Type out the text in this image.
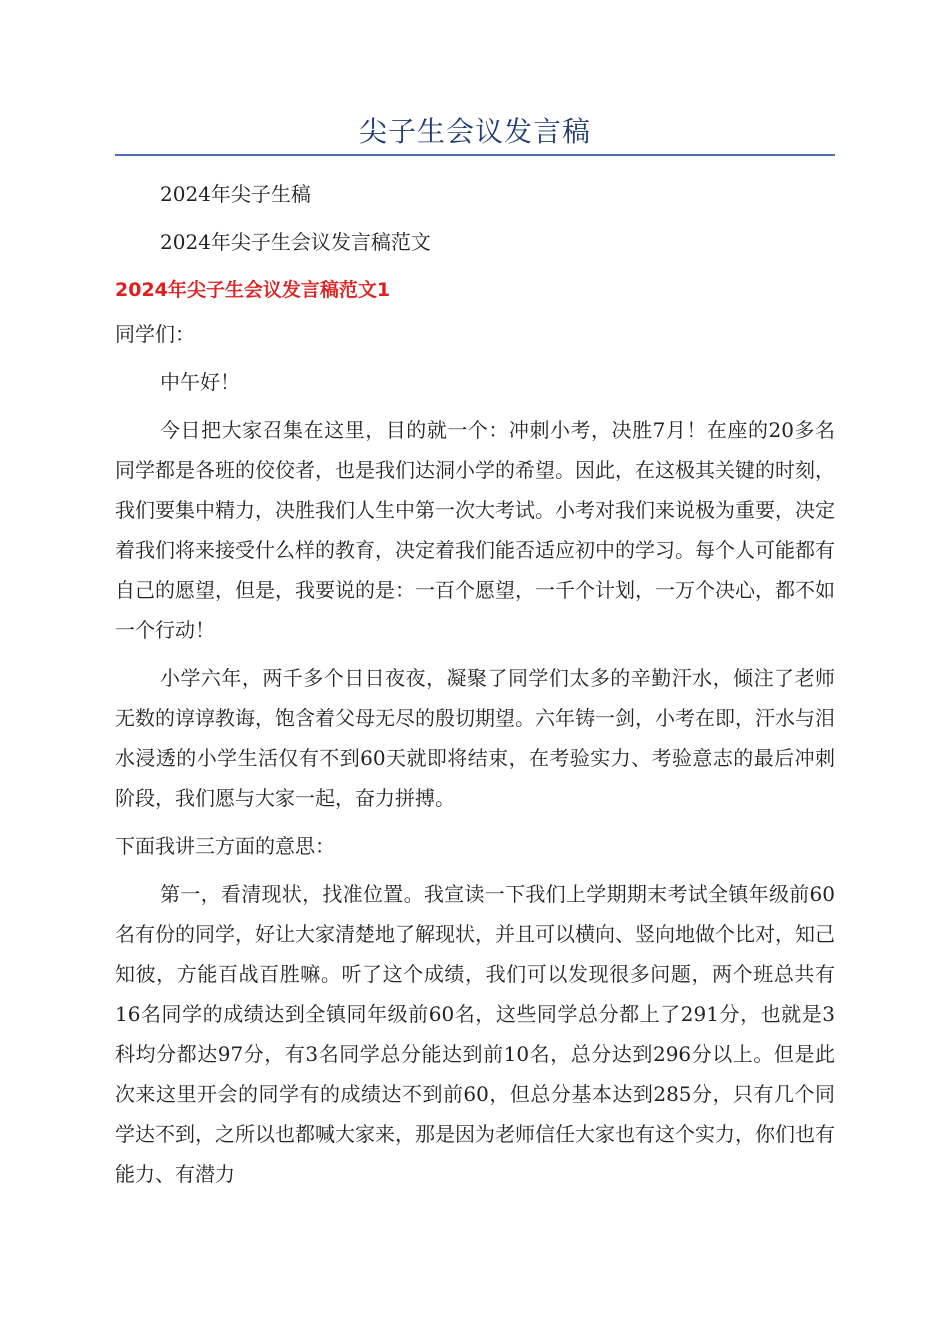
尖子生会议发言稿

2024年尖子生稿

2024年尖子生会议发言稿范文

2024年尖子生会议发言稿范文1

同学们：

中午好！

今日把大家召集在这里，目的就一个：冲刺小考，决胜7月！在座的20多名同学都是各班的佼佼者，也是我们达洞小学的希望。因此，在这极其关键的时刻，我们要集中精力，决胜我们人生中第一次大考试。小考对我们来说极为重要，决定着我们将来接受什么样的教育，决定着我们能否适应初中的学习。每个人可能都有自己的愿望，但是，我要说的是：一百个愿望，一千个计划，一万个决心，都不如一个行动！

小学六年，两千多个日日夜夜，凝聚了同学们太多的辛勤汗水，倾注了老师无数的谆谆教诲，饱含着父母无尽的殷切期望。六年铸一剑，小考在即，汗水与泪水浸透的小学生活仅有不到60天就即将结束，在考验实力、考验意志的最后冲刺阶段，我们愿与大家一起，奋力拼搏。

下面我讲三方面的意思：

第一，看清现状，找准位置。我宣读一下我们上学期期末考试全镇年级前60名有份的同学，好让大家清楚地了解现状，并且可以横向、竖向地做个比对，知己知彼，方能百战百胜嘛。听了这个成绩，我们可以发现很多问题，两个班总共有16名同学的成绩达到全镇同年级前60名，这些同学总分都上了291分，也就是3科均分都达97分，有3名同学总分能达到前10名，总分达到296分以上。但是此次来这里开会的同学有的成绩达不到前60，但总分基本达到285分，只有几个同学达不到，之所以也都喊大家来，那是因为老师信任大家也有这个实力，你们也有能力、有潜力
